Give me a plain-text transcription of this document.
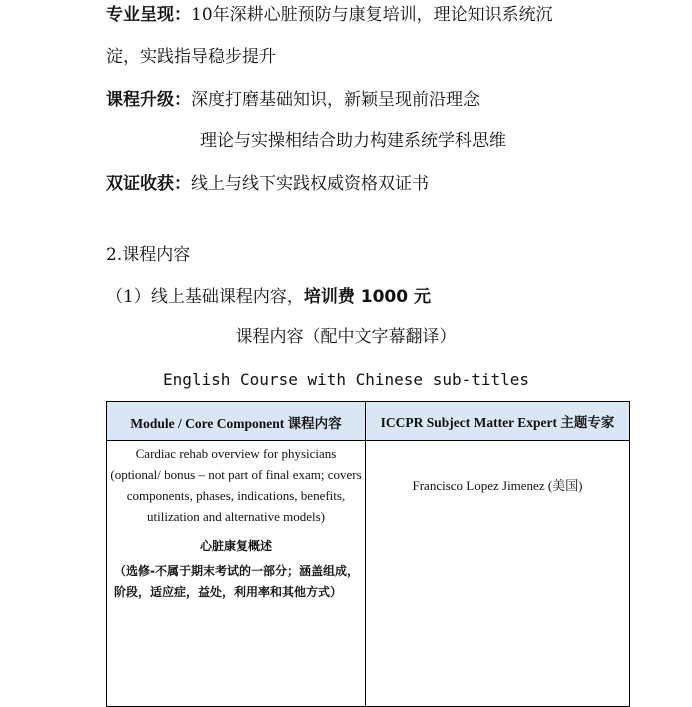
专业呈现：10年深耕心脏预防与康复培训，理论知识系统沉
淀，实践指导稳步提升
课程升级：深度打磨基础知识，新颖呈现前沿理念
理论与实操相结合助力构建系统学科思维
双证收获：线上与线下实践权威资格双证书
2.课程内容
（1）线上基础课程内容，培训费 1000 元
课程内容（配中文字幕翻译）
English Course with Chinese sub-titles
Module / Core Component 课程内容	ICCPR Subject Matter Expert 主题专家

Cardiac rehab overview for physicians (optional/ bonus – not part of final exam; covers components, phases, indications, benefits, utilization and alternative models)
心脏康复概述
（选修-不属于期末考试的一部分；涵盖组成，阶段，适应症，益处，利用率和其他方式）	Francisco Lopez Jimenez (美国)
